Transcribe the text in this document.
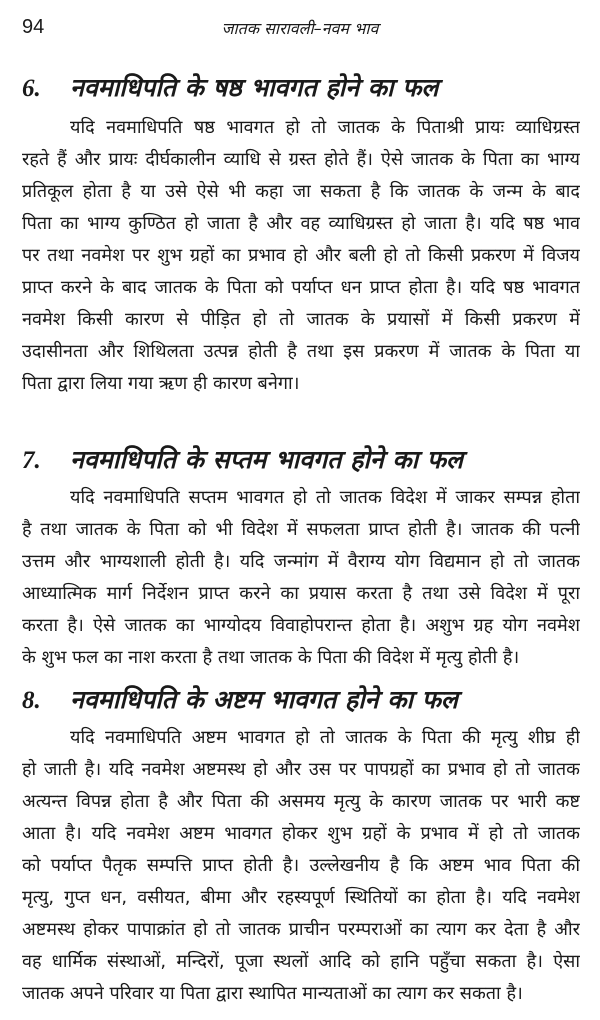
94	जातक सारावली–नवम भाव
6. नवमाधिपति के षष्ठ भावगत होने का फल
यदि नवमाधिपति षष्ठ भावगत हो तो जातक के पिताश्री प्रायः व्याधिग्रस्त
रहते हैं और प्रायः दीर्घकालीन व्याधि से ग्रस्त होते हैं। ऐसे जातक के पिता का भाग्य
प्रतिकूल होता है या उसे ऐसे भी कहा जा सकता है कि जातक के जन्म के बाद
पिता का भाग्य कुण्ठित हो जाता है और वह व्याधिग्रस्त हो जाता है। यदि षष्ठ भाव
पर तथा नवमेश पर शुभ ग्रहों का प्रभाव हो और बली हो तो किसी प्रकरण में विजय
प्राप्त करने के बाद जातक के पिता को पर्याप्त धन प्राप्त होता है। यदि षष्ठ भावगत
नवमेश किसी कारण से पीड़ित हो तो जातक के प्रयासों में किसी प्रकरण में
उदासीनता और शिथिलता उत्पन्न होती है तथा इस प्रकरण में जातक के पिता या
पिता द्वारा लिया गया ऋण ही कारण बनेगा।
7. नवमाधिपति के सप्तम भावगत होने का फल
यदि नवमाधिपति सप्तम भावगत हो तो जातक विदेश में जाकर सम्पन्न होता
है तथा जातक के पिता को भी विदेश में सफलता प्राप्त होती है। जातक की पत्नी
उत्तम और भाग्यशाली होती है। यदि जन्मांग में वैराग्य योग विद्यमान हो तो जातक
आध्यात्मिक मार्ग निर्देशन प्राप्त करने का प्रयास करता है तथा उसे विदेश में पूरा
करता है। ऐसे जातक का भाग्योदय विवाहोपरान्त होता है। अशुभ ग्रह योग नवमेश
के शुभ फल का नाश करता है तथा जातक के पिता की विदेश में मृत्यु होती है।
8. नवमाधिपति के अष्टम भावगत होने का फल
यदि नवमाधिपति अष्टम भावगत हो तो जातक के पिता की मृत्यु शीघ्र ही
हो जाती है। यदि नवमेश अष्टमस्थ हो और उस पर पापग्रहों का प्रभाव हो तो जातक
अत्यन्त विपन्न होता है और पिता की असमय मृत्यु के कारण जातक पर भारी कष्ट
आता है। यदि नवमेश अष्टम भावगत होकर शुभ ग्रहों के प्रभाव में हो तो जातक
को पर्याप्त पैतृक सम्पत्ति प्राप्त होती है। उल्लेखनीय है कि अष्टम भाव पिता की
मृत्यु, गुप्त धन, वसीयत, बीमा और रहस्यपूर्ण स्थितियों का होता है। यदि नवमेश
अष्टमस्थ होकर पापाक्रांत हो तो जातक प्राचीन परम्पराओं का त्याग कर देता है और
वह धार्मिक संस्थाओं, मन्दिरों, पूजा स्थलों आदि को हानि पहुँचा सकता है। ऐसा
जातक अपने परिवार या पिता द्वारा स्थापित मान्यताओं का त्याग कर सकता है।
